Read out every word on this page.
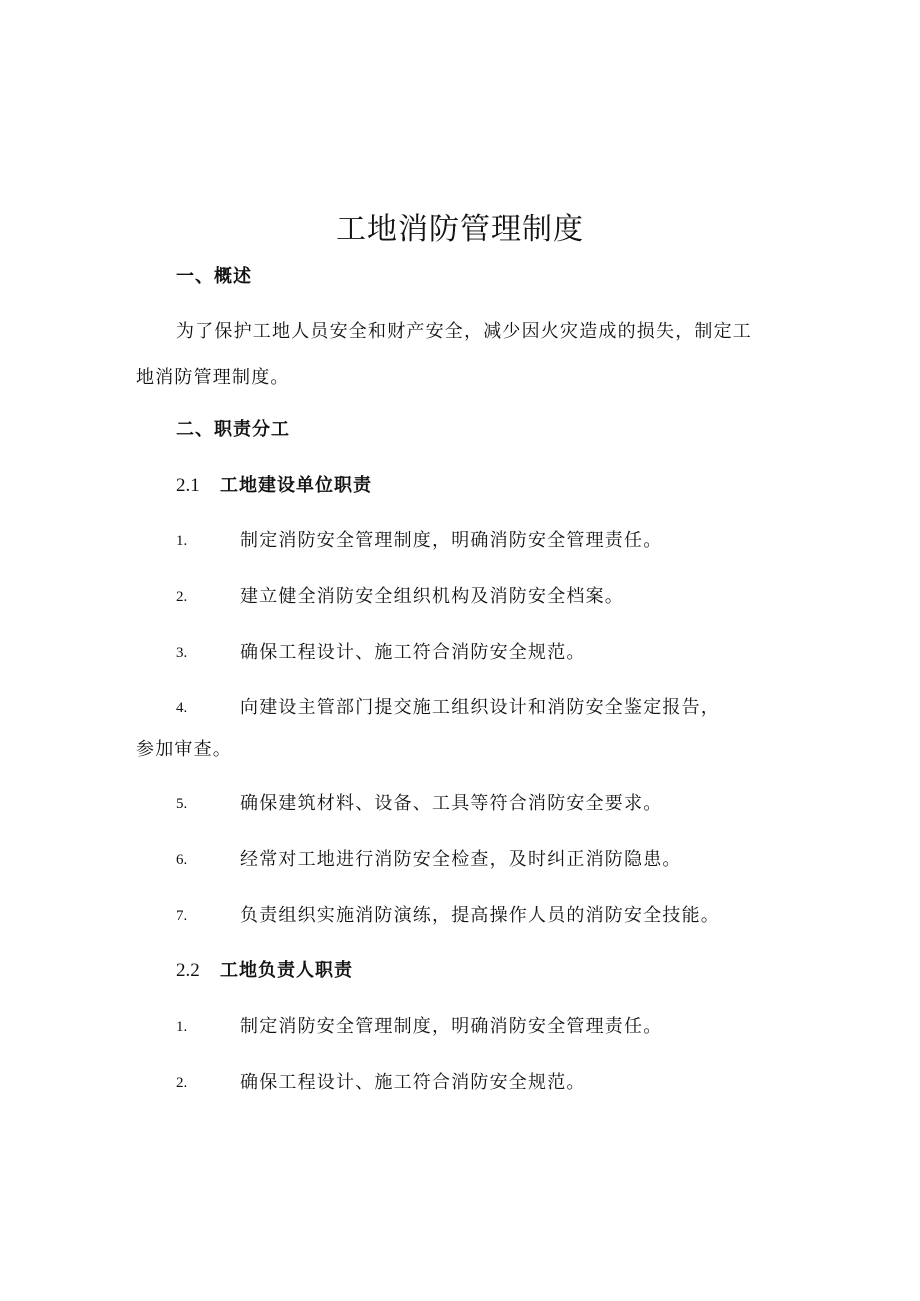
工地消防管理制度
一、概述

为了保护工地人员安全和财产安全，减少因火灾造成的损失，制定工
地消防管理制度。

二、职责分工
2.1 工地建设单位职责
1.	制定消防安全管理制度，明确消防安全管理责任。
2.	建立健全消防安全组织机构及消防安全档案。
3.	确保工程设计、施工符合消防安全规范。
4.	向建设主管部门提交施工组织设计和消防安全鉴定报告，
参加审查。
5.	确保建筑材料、设备、工具等符合消防安全要求。
6.	经常对工地进行消防安全检查，及时纠正消防隐患。
7.	负责组织实施消防演练，提高操作人员的消防安全技能。
2.2 工地负责人职责
1.	制定消防安全管理制度，明确消防安全管理责任。
2.	确保工程设计、施工符合消防安全规范。
